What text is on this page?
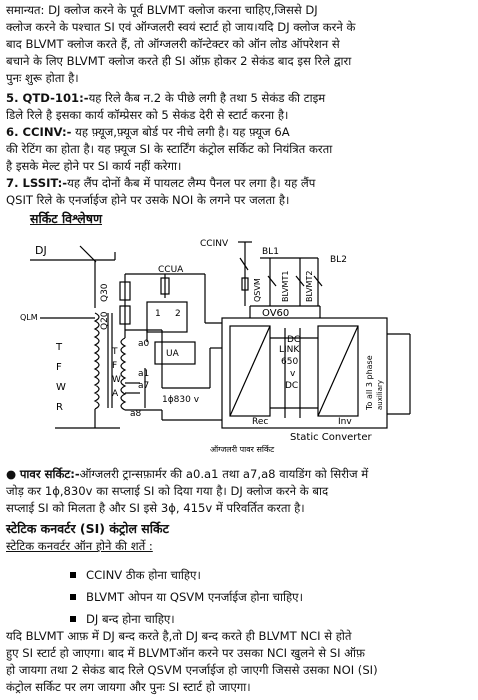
समान्यत: DJ क्लोज करने के पूर्व BLVMT क्लोज करना चाहिए,जिससे DJ
क्लोज करने के पश्चात SI एवं ऑग्जलरी स्वयं स्टार्ट हो जाय।यदि DJ क्लोज करने के
बाद BLVMT क्लोज करते हैं, तो ऑग्जलरी कॉन्टेक्टर को ऑन लोड ऑपरेशन से
बचाने के लिए BLVMT क्लोज करते ही SI ऑफ़ होकर 2 सेकंड बाद इस रिले द्वारा
पुनः शुरू होता है।
5. QTD-101:-यह रिले कैब न.2 के पीछे लगी है तथा 5 सेकंड की टाइम
डिले रिले है इसका कार्य कॉम्प्रेसर को 5 सेकंड देरी से स्टार्ट करना है।
6. CCINV:- यह फ़्यूज,फ़्यूज बोर्ड पर नीचे लगी है। यह फ़्यूज 6A
की रेटिंग का होता है। यह फ़्यूज SI के स्टार्टिंग कंट्रोल सर्किट को नियंत्रित करता
है इसके मेल्ट होने पर SI कार्य नहीं करेगा।
7. LSSIT:-यह लैंप दोनों कैब में पायलट लैम्प पैनल पर लगा है। यह लैंप
QSIT रिले के एनर्जाईज होने पर उसके NOI के लगने पर जलता है।
सर्किट विश्लेषण
DJ
QLM
T
F
W
R
Q30
Q20
CCUA
1 2
UA
a0
a1
a7
a8
T
F
W
A
1ϕ830 v
CCINV
BL1
BL2
QSVM BLVMT1 BLVMT2
OV60
DC
LINK
650
v
DC	To all 3 phase auxiliary
Rec	Inv
Static Converter
ऑग्जलरी पावर सर्किट
● पावर सर्किट:-ऑग्जलरी ट्रान्सफ़ार्मर की a0.a1 तथा a7,a8 वायडिंग को सिरीज में
जोड़ कर 1ϕ,830v का सप्लाई SI को दिया गया है। DJ क्लोज करने के बाद
सप्लाई SI को मिलता है और SI इसे 3ϕ, 415v में परिवर्तित करता है।
स्टेटिक कनवर्टर (SI) कंट्रोल सर्किट
स्टेटिक कनवर्टर ऑन होने की शर्ते :
CCINV ठीक होना चाहिए।
BLVMT ओपन या QSVM एनर्जाईज होना चाहिए।
DJ बन्द होना चाहिए।
यदि BLVMT आफ़ में DJ बन्द करते है,तो DJ बन्द करते ही BLVMT NCI से होते
हुए SI स्टार्ट हो जाएगा। बाद में BLVMTऑन करने पर उसका NCI खुलने से SI ऑफ़
हो जायगा तथा 2 सेकंड बाद रिले QSVM एनर्जाईज हो जाएगी जिससे उसका NOI (SI)
कंट्रोल सर्किट पर लग जायगा और पुनः SI स्टार्ट हो जाएगा।
